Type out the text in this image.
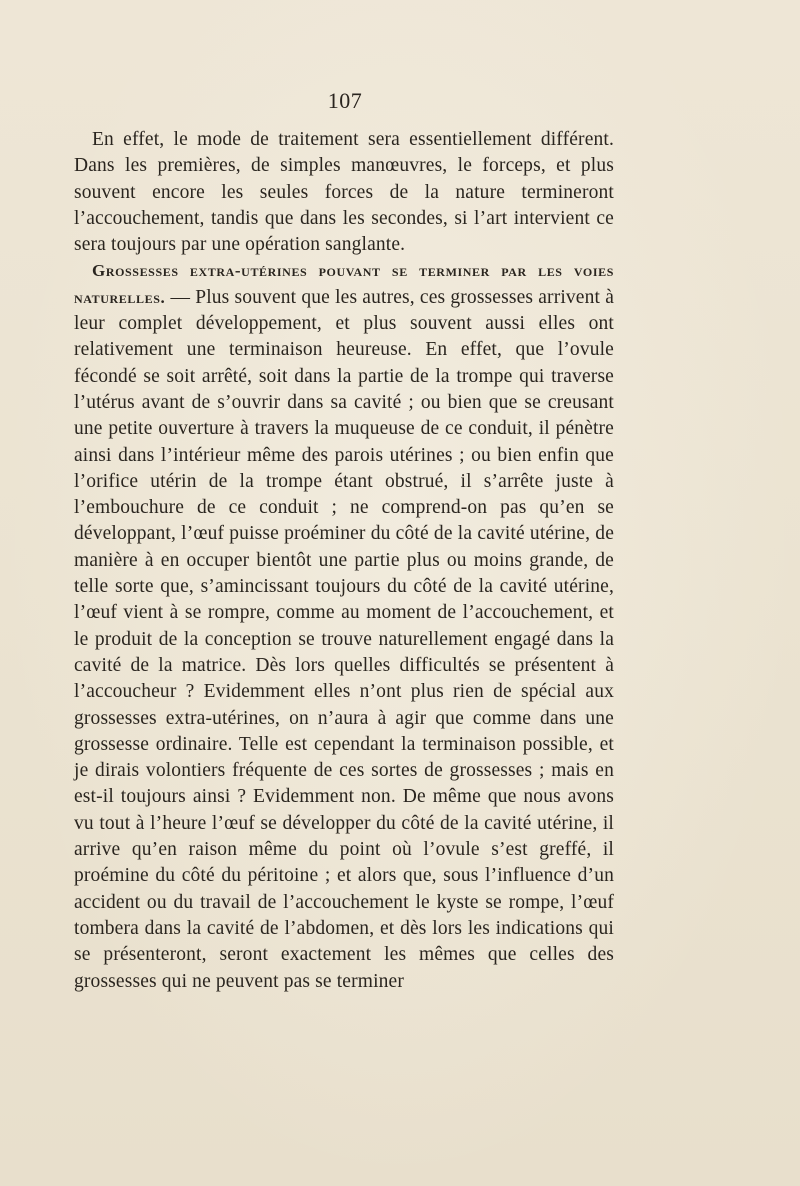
107

En effet, le mode de traitement sera essentiellement différent. Dans les premières, de simples manœuvres, le forceps, et plus souvent encore les seules forces de la nature termineront l’accouchement, tandis que dans les secondes, si l’art intervient ce sera toujours par une opération sanglante.

Grossesses extra-utérines pouvant se terminer par les voies naturelles. — Plus souvent que les autres, ces grossesses arrivent à leur complet développement, et plus souvent aussi elles ont relativement une terminaison heureuse. En effet, que l’ovule fécondé se soit arrêté, soit dans la partie de la trompe qui traverse l’utérus avant de s’ouvrir dans sa cavité ; ou bien que se creusant une petite ouverture à travers la muqueuse de ce conduit, il pénètre ainsi dans l’intérieur même des parois utérines ; ou bien enfin que l’orifice utérin de la trompe étant obstrué, il s’arrête juste à l’embouchure de ce conduit ; ne comprend-on pas qu’en se développant, l’œuf puisse proéminer du côté de la cavité utérine, de manière à en occuper bientôt une partie plus ou moins grande, de telle sorte que, s’amincissant toujours du côté de la cavité utérine, l’œuf vient à se rompre, comme au moment de l’accouchement, et le produit de la conception se trouve naturellement engagé dans la cavité de la matrice. Dès lors quelles difficultés se présentent à l’accoucheur ? Evidemment elles n’ont plus rien de spécial aux grossesses extra-utérines, on n’aura à agir que comme dans une grossesse ordinaire. Telle est cependant la terminaison possible, et je dirais volontiers fréquente de ces sortes de grossesses ; mais en est-il toujours ainsi ? Evidemment non. De même que nous avons vu tout à l’heure l’œuf se développer du côté de la cavité utérine, il arrive qu’en raison même du point où l’ovule s’est greffé, il proémine du côté du péritoine ; et alors que, sous l’influence d’un accident ou du travail de l’accouchement le kyste se rompe, l’œuf tombera dans la cavité de l’abdomen, et dès lors les indications qui se présenteront, seront exactement les mêmes que celles des grossesses qui ne peuvent pas se terminer
